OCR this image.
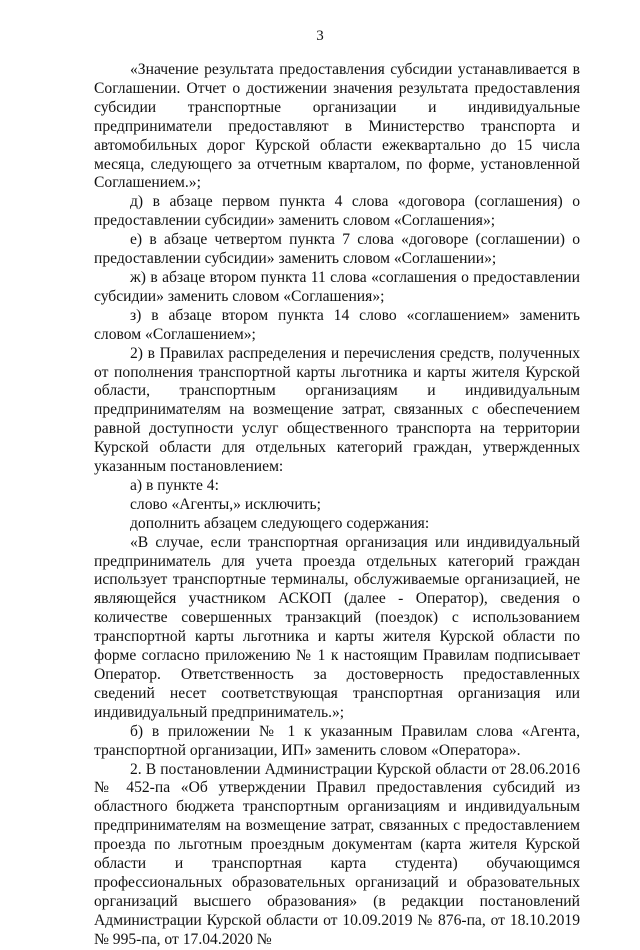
3

«Значение результата предоставления субсидии устанавливается в Соглашении. Отчет о достижении значения результата предоставления субсидии транспортные организации и индивидуальные предприниматели предоставляют в Министерство транспорта и автомобильных дорог Курской области ежеквартально до 15 числа месяца, следующего за отчетным кварталом, по форме, установленной Соглашением.»;

д) в абзаце первом пункта 4 слова «договора (соглашения) о предоставлении субсидии» заменить словом «Соглашения»;

е) в абзаце четвертом пункта 7 слова «договоре (соглашении) о предоставлении субсидии» заменить словом «Соглашении»;

ж) в абзаце втором пункта 11 слова «соглашения о предоставлении субсидии» заменить словом «Соглашения»;

з) в абзаце втором пункта 14 слово «соглашением» заменить словом «Соглашением»;

2) в Правилах распределения и перечисления средств, полученных от пополнения транспортной карты льготника и карты жителя Курской области, транспортным организациям и индивидуальным предпринимателям на возмещение затрат, связанных с обеспечением равной доступности услуг общественного транспорта на территории Курской области для отдельных категорий граждан, утвержденных указанным постановлением:

а) в пункте 4:

слово «Агенты,» исключить;

дополнить абзацем следующего содержания:

«В случае, если транспортная организация или индивидуальный предприниматель для учета проезда отдельных категорий граждан использует транспортные терминалы, обслуживаемые организацией, не являющейся участником АСКОП (далее - Оператор), сведения о количестве совершенных транзакций (поездок) с использованием транспортной карты льготника и карты жителя Курской области по форме согласно приложению № 1 к настоящим Правилам подписывает Оператор. Ответственность за достоверность предоставленных сведений несет соответствующая транспортная организация или индивидуальный предприниматель.»;

б) в приложении № 1 к указанным Правилам слова «Агента, транспортной организации, ИП» заменить словом «Оператора».

2. В постановлении Администрации Курской области от 28.06.2016 № 452-па «Об утверждении Правил предоставления субсидий из областного бюджета транспортным организациям и индивидуальным предпринимателям на возмещение затрат, связанных с предоставлением проезда по льготным проездным документам (карта жителя Курской области и транспортная карта студента) обучающимся профессиональных образовательных организаций и образовательных организаций высшего образования» (в редакции постановлений Администрации Курской области от 10.09.2019 № 876-па, от 18.10.2019 № 995-па, от 17.04.2020 №
